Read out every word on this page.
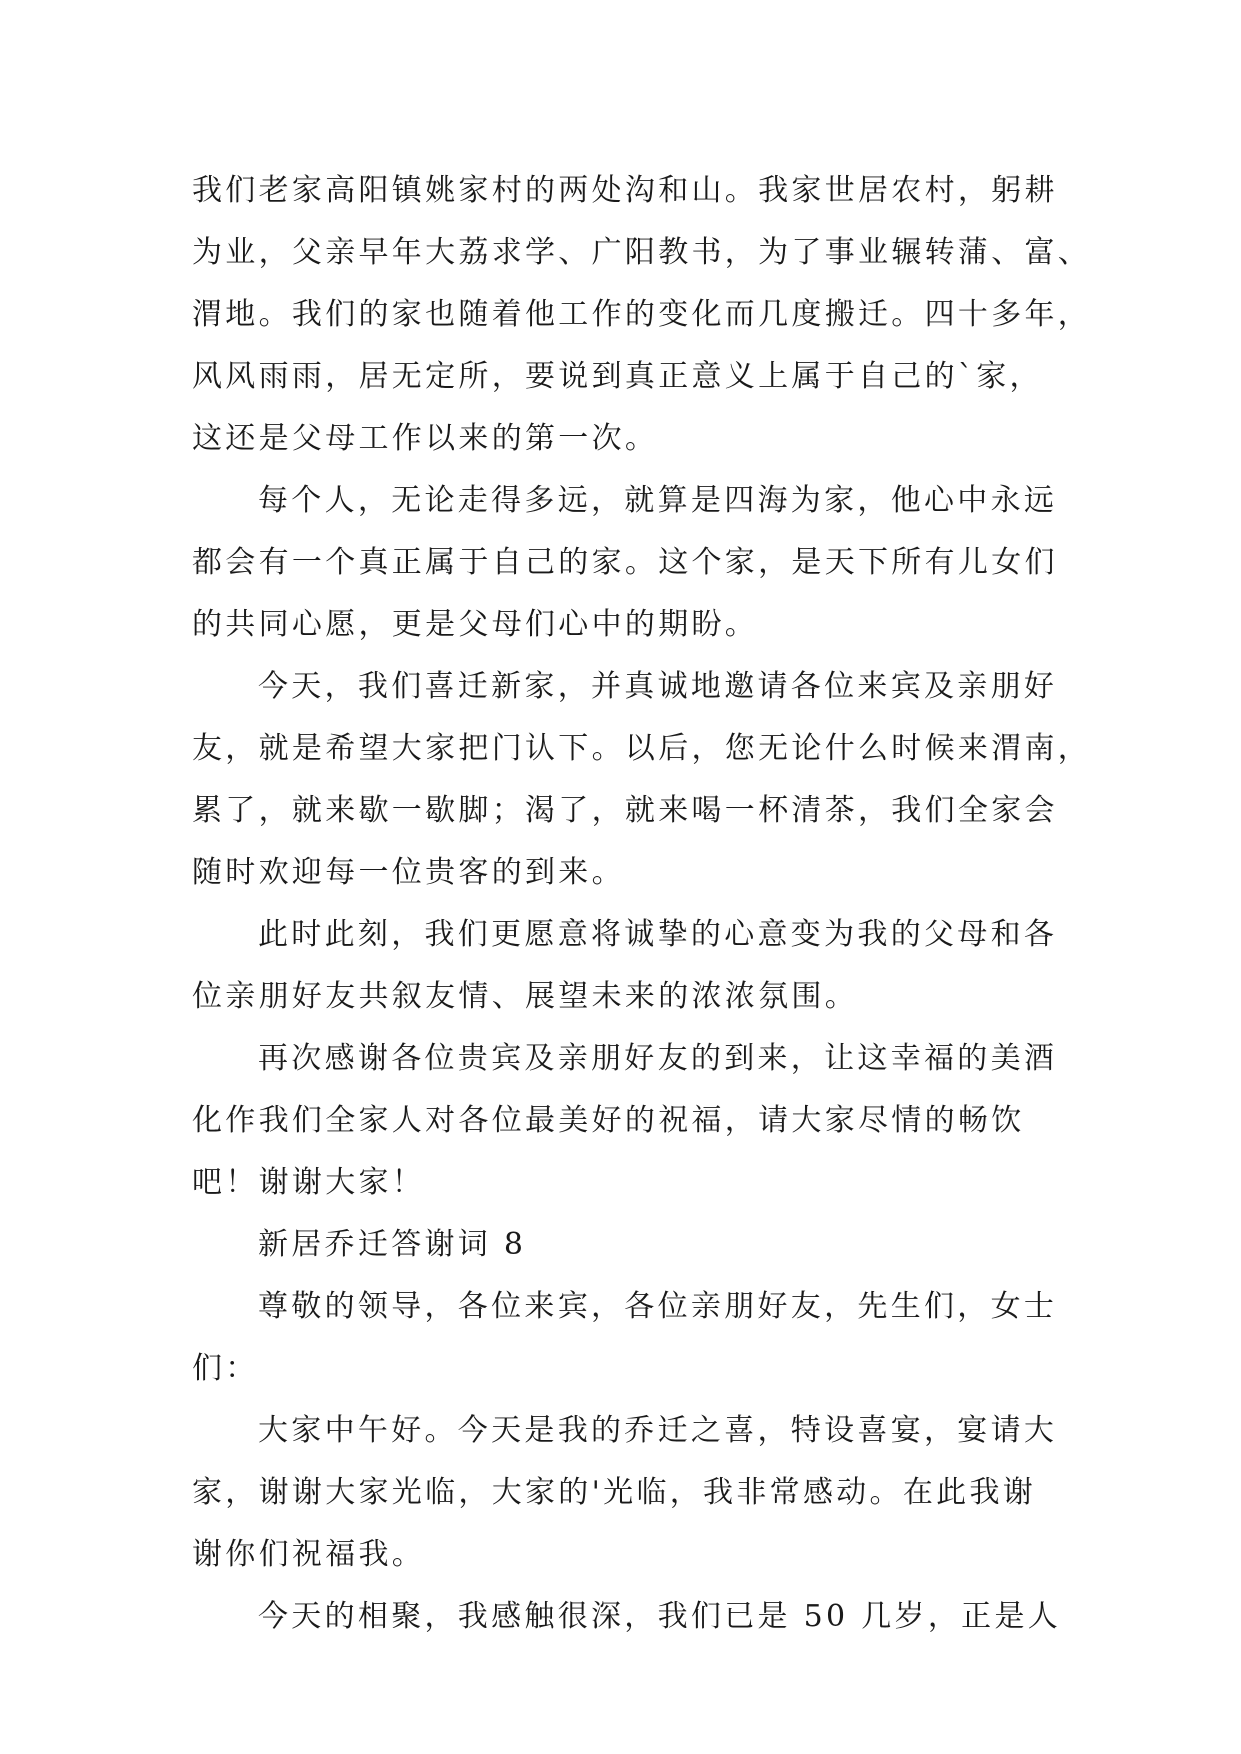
我们老家高阳镇姚家村的两处沟和山。我家世居农村，躬耕
为业，父亲早年大荔求学、广阳教书，为了事业辗转蒲、富、
渭地。我们的家也随着他工作的变化而几度搬迁。四十多年，
风风雨雨，居无定所，要说到真正意义上属于自己的`家，
这还是父母工作以来的第一次。
每个人，无论走得多远，就算是四海为家，他心中永远
都会有一个真正属于自己的家。这个家，是天下所有儿女们
的共同心愿，更是父母们心中的期盼。
今天，我们喜迁新家，并真诚地邀请各位来宾及亲朋好
友，就是希望大家把门认下。以后，您无论什么时候来渭南，
累了，就来歇一歇脚；渴了，就来喝一杯清茶，我们全家会
随时欢迎每一位贵客的到来。
此时此刻，我们更愿意将诚挚的心意变为我的父母和各
位亲朋好友共叙友情、展望未来的浓浓氛围。
再次感谢各位贵宾及亲朋好友的到来，让这幸福的美酒
化作我们全家人对各位最美好的祝福，请大家尽情的畅饮
吧！谢谢大家！
新居乔迁答谢词 8
尊敬的领导，各位来宾，各位亲朋好友，先生们，女士
们：
大家中午好。今天是我的乔迁之喜，特设喜宴，宴请大
家，谢谢大家光临，大家的'光临，我非常感动。在此我谢
谢你们祝福我。
今天的相聚，我感触很深，我们已是 50 几岁，正是人
